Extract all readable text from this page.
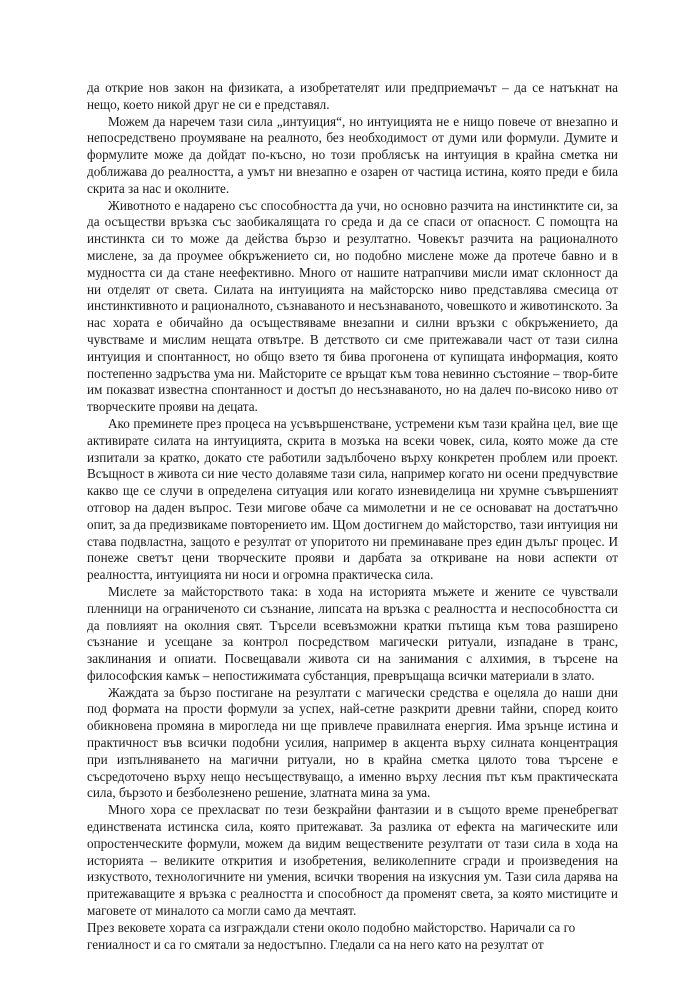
да открие нов закон на физиката, а изобретателят или предприемачът – да се натъкнат на нещо, което никой друг не си е представял.

Можем да наречем тази сила „интуиция“, но интуицията не е нищо повече от внезапно и непосредствено проумяване на реалното, без необходимост от думи или формули. Думите и формулите може да дойдат по-късно, но този проблясък на интуиция в крайна сметка ни доближава до реалността, а умът ни внезапно е озарен от частица истина, която преди е била скрита за нас и околните.

Животното е надарено със способността да учи, но основно разчита на инстинктите си, за да осъществи връзка със заобикалящата го среда и да се спаси от опасност. С помощта на инстинкта си то може да действа бързо и резултатно. Човекът разчита на рационалното мислене, за да проумее обкръжението си, но подобно мислене може да протече бавно и в мудността си да стане неефективно. Много от нашите натрапчиви мисли имат склонност да ни отделят от света. Силата на интуицията на майсторско ниво представлява смесица от инстинктивното и рационалното, съзнаваното и несъзнаваното, човешкото и животинското. За нас хората е обичайно да осъществяваме внезапни и силни връзки с обкръжението, да чувстваме и мислим нещата отвътре. В детството си сме притежавали част от тази силна интуиция и спонтанност, но общо взето тя бива прогонена от купищата информация, която постепенно задръства ума ни. Майсторите се връщат към това невинно състояние – твор-бите им показват известна спонтанност и достъп до несъзнаваното, но на далеч по-високо ниво от творческите прояви на децата.

Ако преминете през процеса на усъвършенстване, устремени към тази крайна цел, вие ще активирате силата на интуицията, скрита в мозъка на всеки човек, сила, която може да сте изпитали за кратко, докато сте работили задълбочено върху конкретен проблем или проект. Всъщност в живота си ние често долавяме тази сила, например когато ни осени предчувствие какво ще се случи в определена ситуация или когато изневиделица ни хрумне съвършеният отговор на даден въпрос. Тези мигове обаче са мимолетни и не се основават на достатъчно опит, за да предизвикаме повторението им. Щом достигнем до майсторство, тази интуиция ни става подвластна, защото е резултат от упоритото ни преминаване през един дълъг процес. И понеже светът цени творческите прояви и дарбата за откриване на нови аспекти от реалността, интуицията ни носи и огромна практическа сила.

Мислете за майсторството така: в хода на историята мъжете и жените се чувствали пленници на ограниченото си съзнание, липсата на връзка с реалността и неспособността си да повлияят на околния свят. Търсели всевъзможни кратки пътища към това разширено съзнание и усещане за контрол посредством магически ритуали, изпадане в транс, заклинания и опиати. Посвещавали живота си на занимания с алхимия, в търсене на философския камък – непостижимата субстанция, превръщаща всички материали в злато.

Жаждата за бързо постигане на резултати с магически средства е оцеляла до наши дни под формата на прости формули за успех, най-сетне разкрити древни тайни, според които обикновена промяна в мирогледа ни ще привлече правилната енергия. Има зрънце истина и практичност във всички подобни усилия, например в акцента върху силната концентрация при изпълняването на магични ритуали, но в крайна сметка цялото това търсене е съсредоточено върху нещо несъществуващо, а именно върху лесния път към практическата сила, бързото и безболезнено решение, златната мина за ума.

Много хора се прехласват по тези безкрайни фантазии и в същото време пренебрегват единствената истинска сила, която притежават. За разлика от ефекта на магическите или опростенческите формули, можем да видим веществените резултати от тази сила в хода на историята – великите открития и изобретения, великолепните сгради и произведения на изкуството, технологичните ни умения, всички творения на изкусния ум. Тази сила дарява на притежаващите я връзка с реалността и способност да променят света, за която мистиците и маговете от миналото са могли само да мечтаят.

През вековете хората са изграждали стени около подобно майсторство. Наричали са го гениалност и са го смятали за недостъпно. Гледали са на него като на резултат от
